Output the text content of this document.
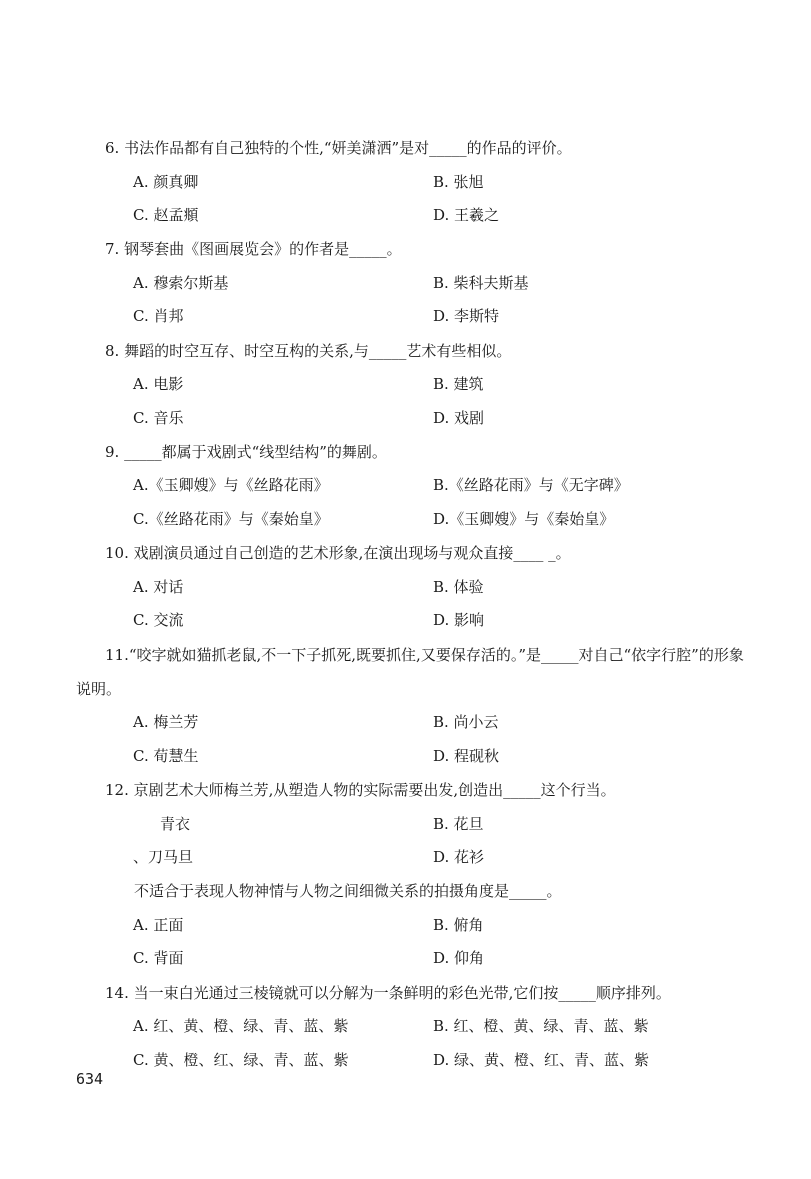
6. 书法作品都有自己独特的个性,“妍美潇洒”是对_____的作品的评价。
A. 颜真卿	B. 张旭
C. 赵孟頫	D. 王羲之
7. 钢琴套曲《图画展览会》的作者是_____。
A. 穆索尔斯基	B. 柴科夫斯基
C. 肖邦	D. 李斯特
8. 舞蹈的时空互存、时空互构的关系,与_____艺术有些相似。
A. 电影	B. 建筑
C. 音乐	D. 戏剧
9. _____都属于戏剧式“线型结构”的舞剧。
A.《玉卿嫂》与《丝路花雨》	B.《丝路花雨》与《无字碑》
C.《丝路花雨》与《秦始皇》	D.《玉卿嫂》与《秦始皇》
10. 戏剧演员通过自己创造的艺术形象,在演出现场与观众直接____ _。
A. 对话	B. 体验
C. 交流	D. 影响
11.“咬字就如猫抓老鼠,不一下子抓死,既要抓住,又要保存活的。”是_____对自己“依字行腔”的形象说明。
A. 梅兰芳	B. 尚小云
C. 荀慧生	D. 程砚秋
12. 京剧艺术大师梅兰芳,从塑造人物的实际需要出发,创造出_____这个行当。
青衣	B. 花旦
、刀马旦	D. 花衫
不适合于表现人物神情与人物之间细微关系的拍摄角度是_____。
A. 正面	B. 俯角
C. 背面	D. 仰角
14. 当一束白光通过三棱镜就可以分解为一条鲜明的彩色光带,它们按_____顺序排列。
A. 红、黄、橙、绿、青、蓝、紫	B. 红、橙、黄、绿、青、蓝、紫
C. 黄、橙、红、绿、青、蓝、紫	D. 绿、黄、橙、红、青、蓝、紫
634
